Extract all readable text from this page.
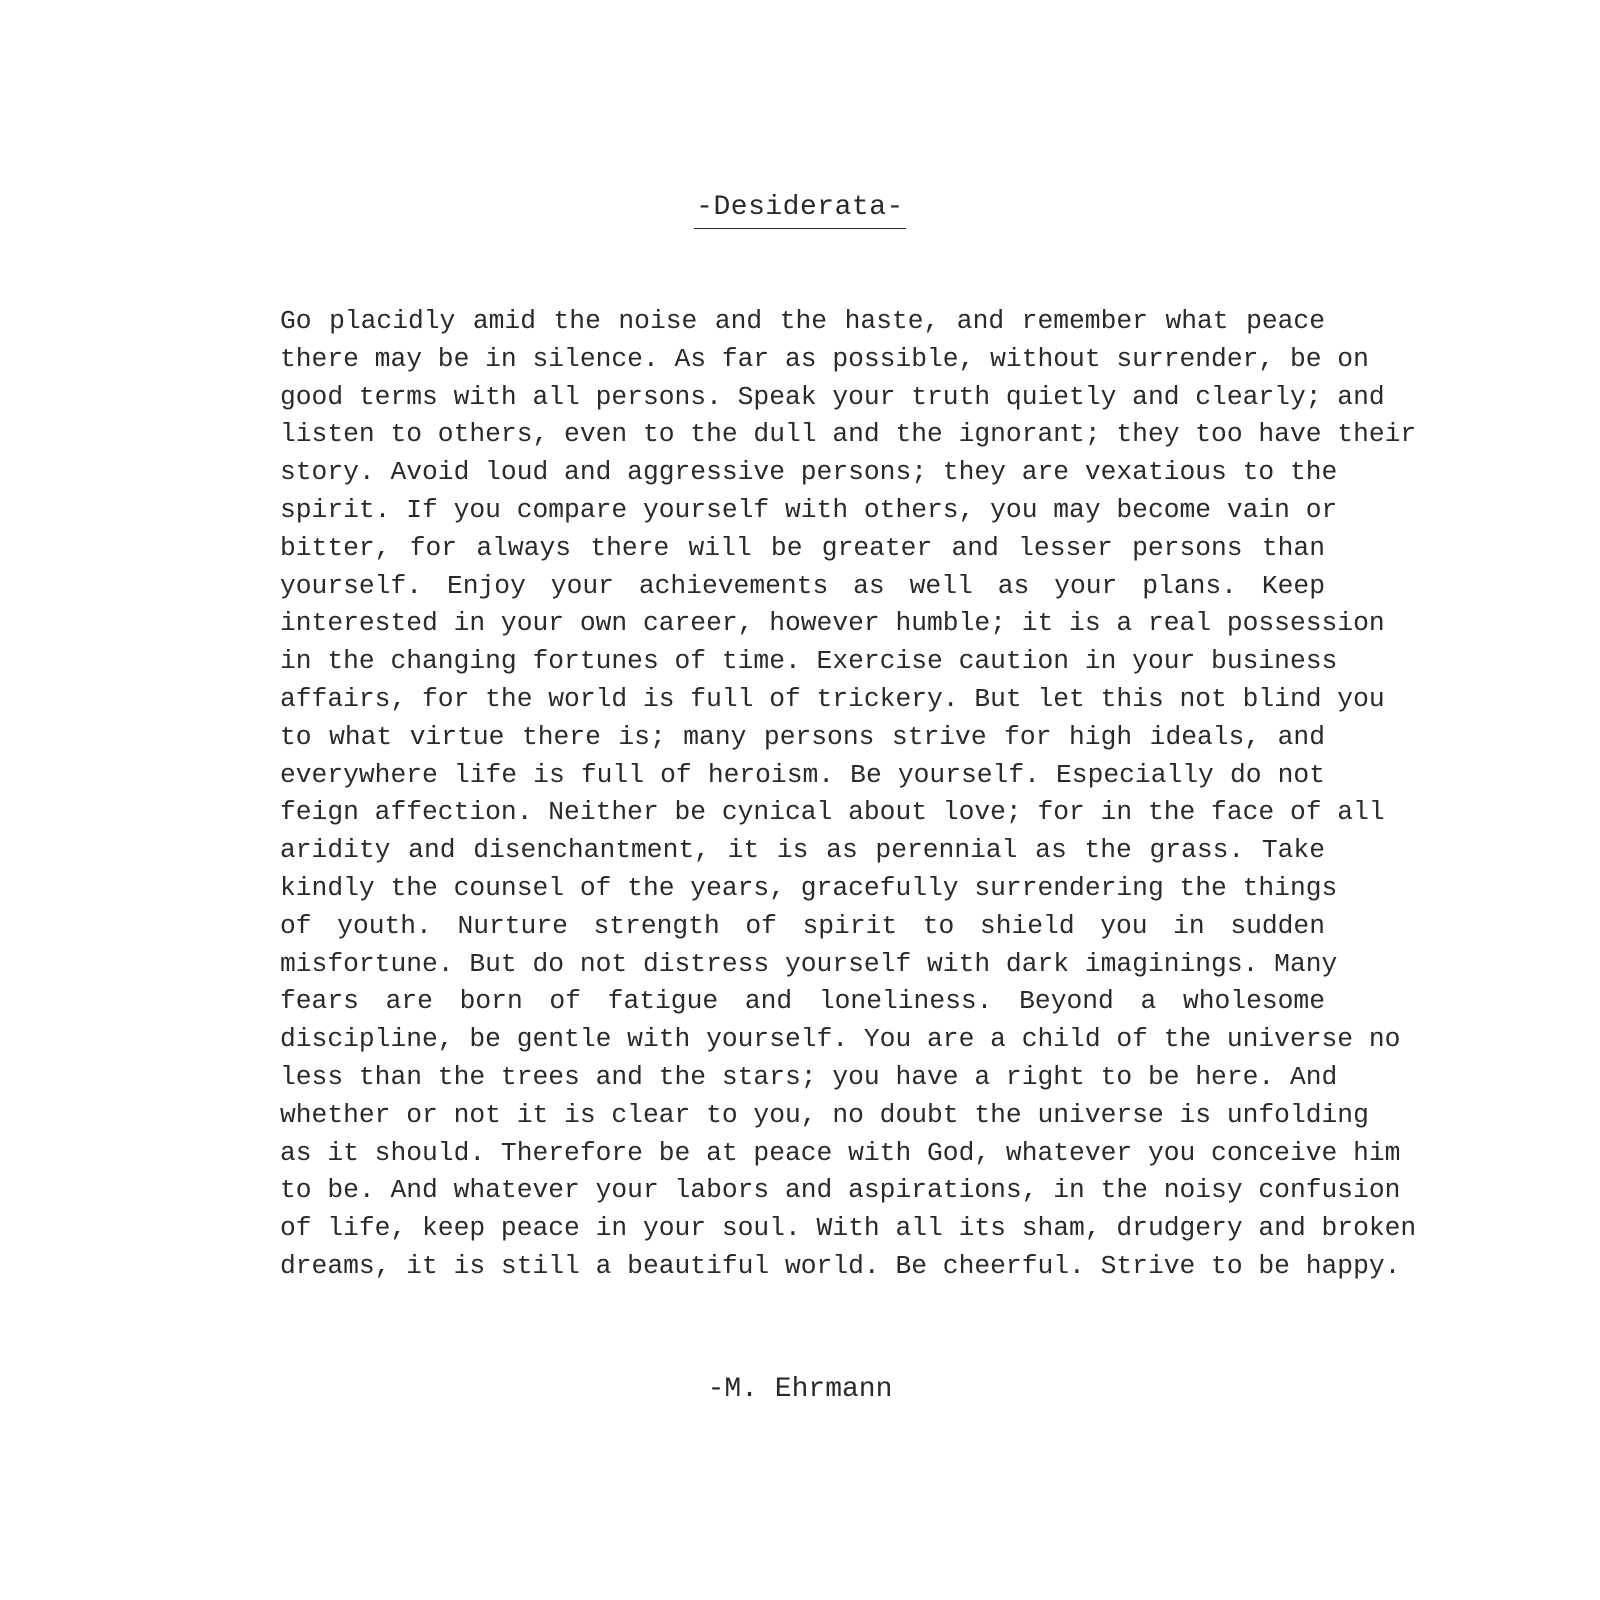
-Desiderata-
Go placidly amid the noise and the haste, and remember what peace
there may be in silence. As far as possible, without surrender, be on
good terms with all persons. Speak your truth quietly and clearly; and
listen to others, even to the dull and the ignorant; they too have their
story. Avoid loud and aggressive persons; they are vexatious to the
spirit. If you compare yourself with others, you may become vain or
bitter, for always there will be greater and lesser persons than
yourself. Enjoy your achievements as well as your plans. Keep
interested in your own career, however humble; it is a real possession
in the changing fortunes of time. Exercise caution in your business
affairs, for the world is full of trickery. But let this not blind you
to what virtue there is; many persons strive for high ideals, and
everywhere life is full of heroism. Be yourself. Especially do not
feign affection. Neither be cynical about love; for in the face of all
aridity and disenchantment, it is as perennial as the grass. Take
kindly the counsel of the years, gracefully surrendering the things
of youth. Nurture strength of spirit to shield you in sudden
misfortune. But do not distress yourself with dark imaginings. Many
fears are born of fatigue and loneliness. Beyond a wholesome
discipline, be gentle with yourself. You are a child of the universe no
less than the trees and the stars; you have a right to be here. And
whether or not it is clear to you, no doubt the universe is unfolding
as it should. Therefore be at peace with God, whatever you conceive him
to be. And whatever your labors and aspirations, in the noisy confusion
of life, keep peace in your soul. With all its sham, drudgery and broken
dreams, it is still a beautiful world. Be cheerful. Strive to be happy.
-M. Ehrmann
